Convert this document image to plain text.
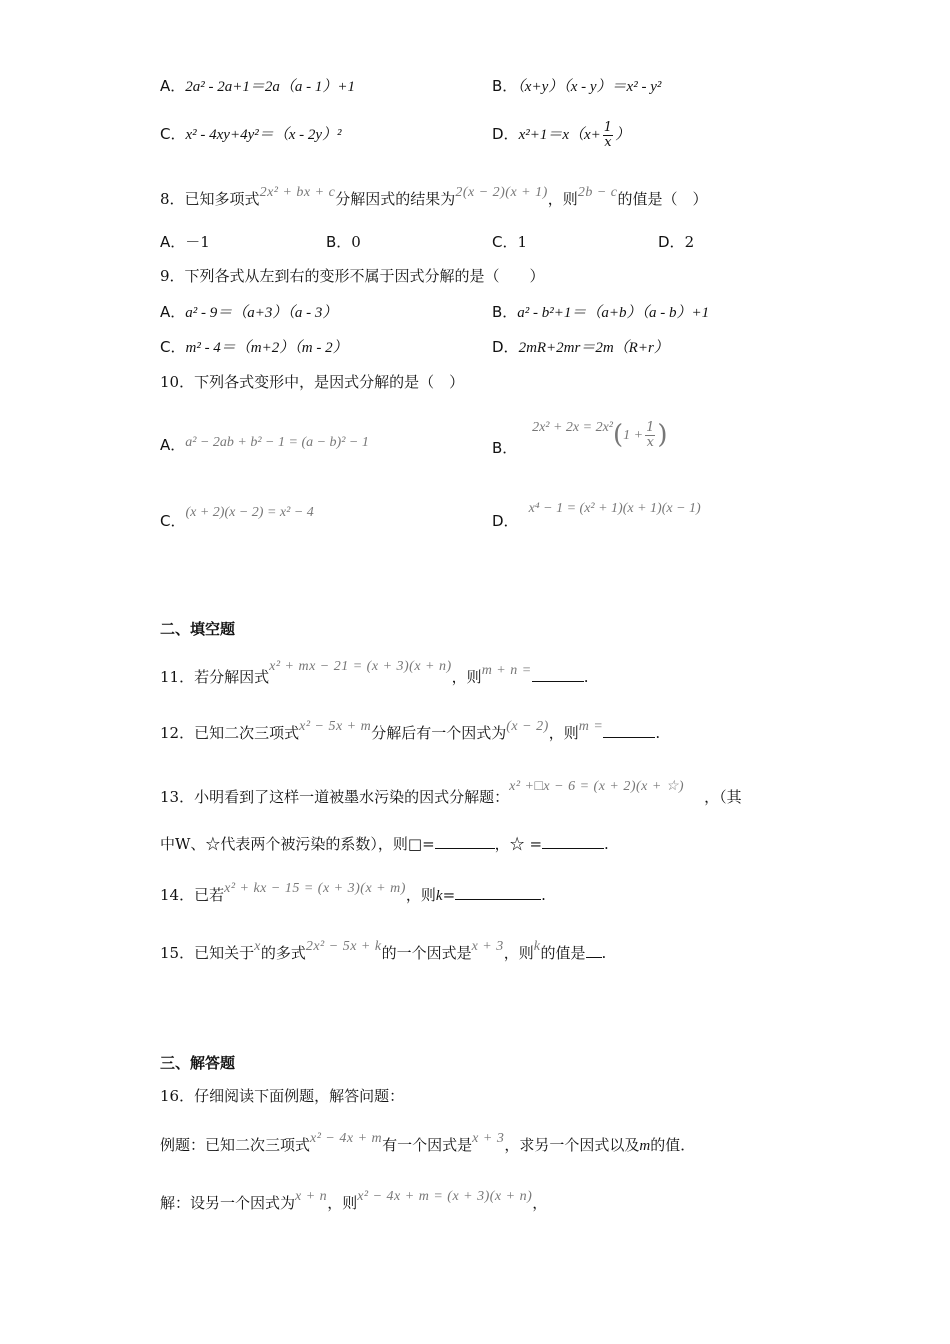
A．2a² - 2a+1＝2a（a - 1）+1	B．（x+y）（x - y）＝x² - y²
C．x² - 4xy+4y²＝（x - 2y）²	D．$x^2+1=x(x+ \frac{1}{x}$ ）
8．已知多项式2x² + bx + c分解因式的结果为2(x − 2)(x + 1)，则2b − c的值是（　）
A．－1	B．0	C．1	D．2
9．下列各式从左到右的变形不属于因式分解的是（　　）
A．a² - 9＝（a+3）（a - 3）	B．a² - b²+1＝（a+b）（a - b）+1
C．m² - 4＝（m+2）（m - 2）	D．2mR+2mr＝2m（R+r）
10．下列各式变形中，是因式分解的是（　）
A．a² − 2ab + b² − 1 = (a − b)² − 1	B． $2x^2 + 2x = 2x^2(1 + \frac{1}{x}$ )
C．(x + 2)(x − 2) = x² − 4	D．x⁴ − 1 = (x² + 1)(x + 1)(x − 1)
二、填空题
11．若分解因式x² + mx − 21 = (x + 3)(x + n)，则m + n =	.
12．已知二次三项式x² − 5x + m分解后有一个因式为(x − 2)，则m =	.
13．小明看到了这样一道被墨水污染的因式分解题：x² +□x − 6 = (x + 2)(x + ☆)，（其
中W、☆代表两个被污染的系数），则□=	，☆ =	.
14．已若x² + kx − 15 = (x + 3)(x + m)，则k=	.
15．已知关于x的多式2x² − 5x + k的一个因式是x + 3，则k的值是 .
三、解答题
16．仔细阅读下面例题，解答问题：
例题：已知二次三项式x² − 4x + m有一个因式是x + 3，求另一个因式以及m的值．
解：设另一个因式为x + n，则x² − 4x + m = (x + 3)(x + n)，
